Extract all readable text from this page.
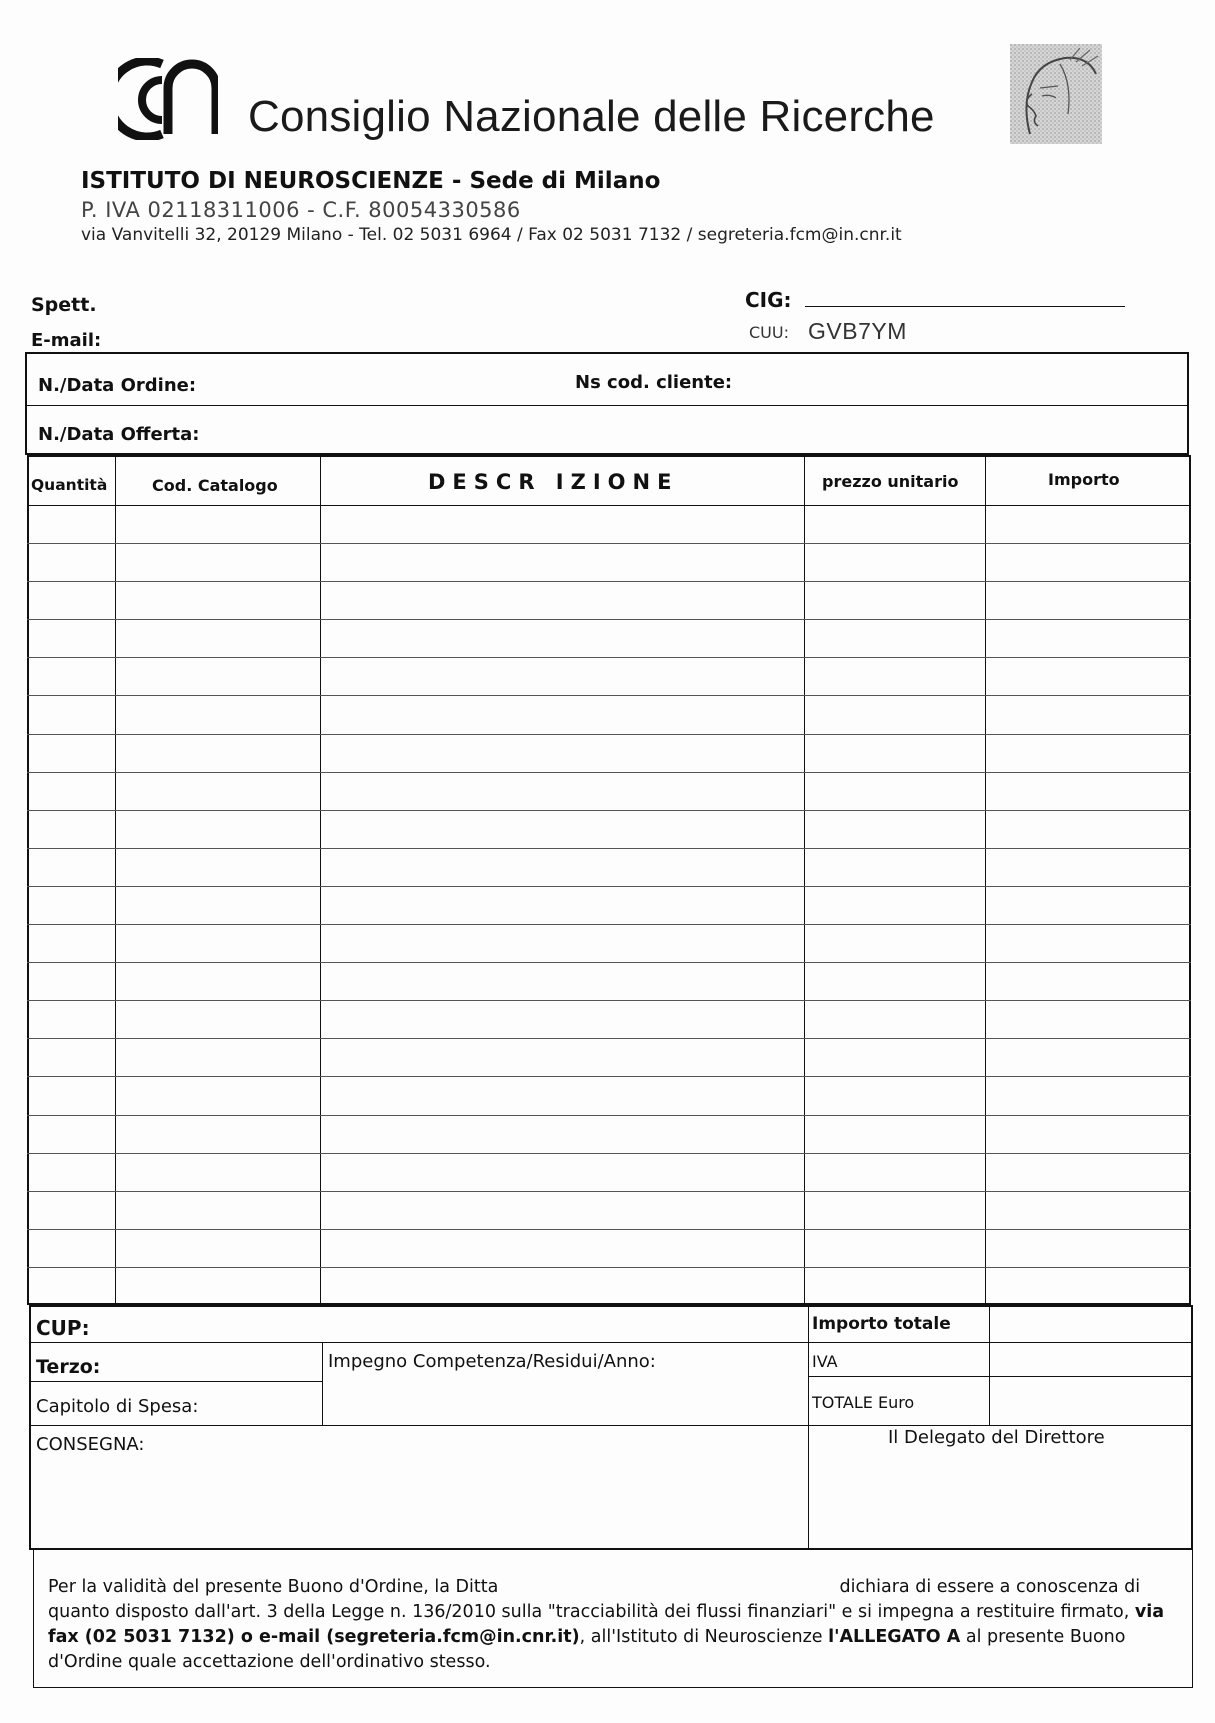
Consiglio Nazionale delle Ricerche
ISTITUTO DI NEUROSCIENZE - Sede di Milano
P. IVA 02118311006 - C.F. 80054330586
via Vanvitelli 32, 20129 Milano - Tel. 02 5031 6964 / Fax 02 5031 7132 / segreteria.fcm@in.cnr.it
Spett.
E-mail:
CIG:
CUU: GVB7YM
N./Data Ordine:	Ns cod. cliente:
N./Data Offerta:
Quantità	Cod. Catalogo	DESCR IZIONE	prezzo unitario	Importo
CUP:	Importo totale
Terzo:	Impegno Competenza/Residui/Anno:	IVA
Capitolo di Spesa:	TOTALE Euro
CONSEGNA:	Il Delegato del Direttore
Per la validità del presente Buono d'Ordine, la Ditta	dichiara di essere a conoscenza di quanto disposto dall'art. 3 della Legge n. 136/2010 sulla "tracciabilità dei flussi finanziari" e si impegna a restituire firmato, via fax (02 5031 7132) o e-mail (segreteria.fcm@in.cnr.it), all'Istituto di Neuroscienze l'ALLEGATO A al presente Buono d'Ordine quale accettazione dell'ordinativo stesso.
